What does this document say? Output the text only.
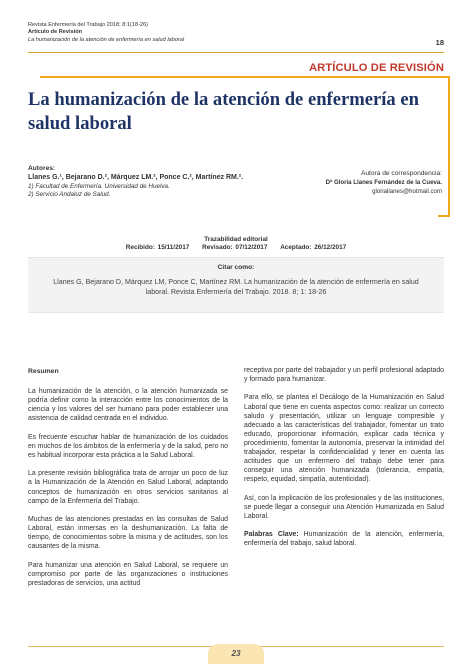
Revista Enfermería del Trabajo 2018; 8:1(18-26)
Artículo de Revisión
La humanización de la atención de enfermería en salud laboral	18
ARTÍCULO DE REVISIÓN
La humanización de la atención de enfermería en
salud laboral
Autores:
Llanes G.¹, Bejarano D.², Márquez LM.², Ponce C.², Martínez RM.².
1) Facultad de Enfermería. Universidad de Huelva.
2) Servicio Andaluz de Salud.
Autora de correspondencia:
Dª Gloria Llanes Fernández de la Cueva.
gloriallanes@hotmail.com
Trazabilidad editorial
Recibido: 15/11/2017 Revisado: 07/12/2017 Aceptado: 26/12/2017
Citar como:
Llanes G, Bejarano D, Márquez LM, Ponce C, Martínez RM. La humanización de la atención de enfermería en salud
laboral. Revista Enfermería del Trabajo. 2018. 8; 1: 18-26

Resumen

La humanización de la atención, o la atención humanizada se podría definir como la interacción entre los conocimientos de la ciencia y los valores del ser humano para poder establecer una asistencia de calidad centrada en el individuo.

Es frecuente escuchar hablar de humanización de los cuidados en muchos de los ámbitos de la enfermería y de la salud, pero no es habitual incorporar esta práctica a la Salud Laboral.

La presente revisión bibliográfica trata de arrojar un poco de luz a la Humanización de la Atención en Salud Laboral, adaptando conceptos de humanización en otros servicios sanitarios al campo de la Enfermería del Trabajo.

Muchas de las atenciones prestadas en las consultas de Salud Laboral, están inmersas en la deshumanización. La falta de tiempo, de conocimientos sobre la misma y de actitudes, son los causantes de la misma.

Para humanizar una atención en Salud Laboral, se requiere un compromiso por parte de las organizaciones o instituciones prestadoras de servicios, una actitud

receptiva por parte del trabajador y un perfil profesional adaptado y formado para humanizar.

Para ello, se plantea el Decálogo de la Humanización en Salud Laboral que tiene en cuenta aspectos como: realizar un correcto saludo y presentación, utilizar un lenguaje compresible y adecuado a las características del trabajador, fomentar un trato educado, proporcionar información, explicar cada técnica y procedimiento, fomentar la autonomía, preservar la intimidad del trabajador, respetar la confidencialidad y tener en cuenta las actitudes que un enfermero del trabajo debe tener para conseguir una atención humanizada (tolerancia, empatía, respeto, equidad, simpatía, autenticidad).

Así, con la implicación de los profesionales y de las instituciones, se puede llegar a conseguir una Atención Humanizada en Salud Laboral.

Palabras Clave: Humanización de la atención, enfermería, enfermería del trabajo, salud laboral.

23
